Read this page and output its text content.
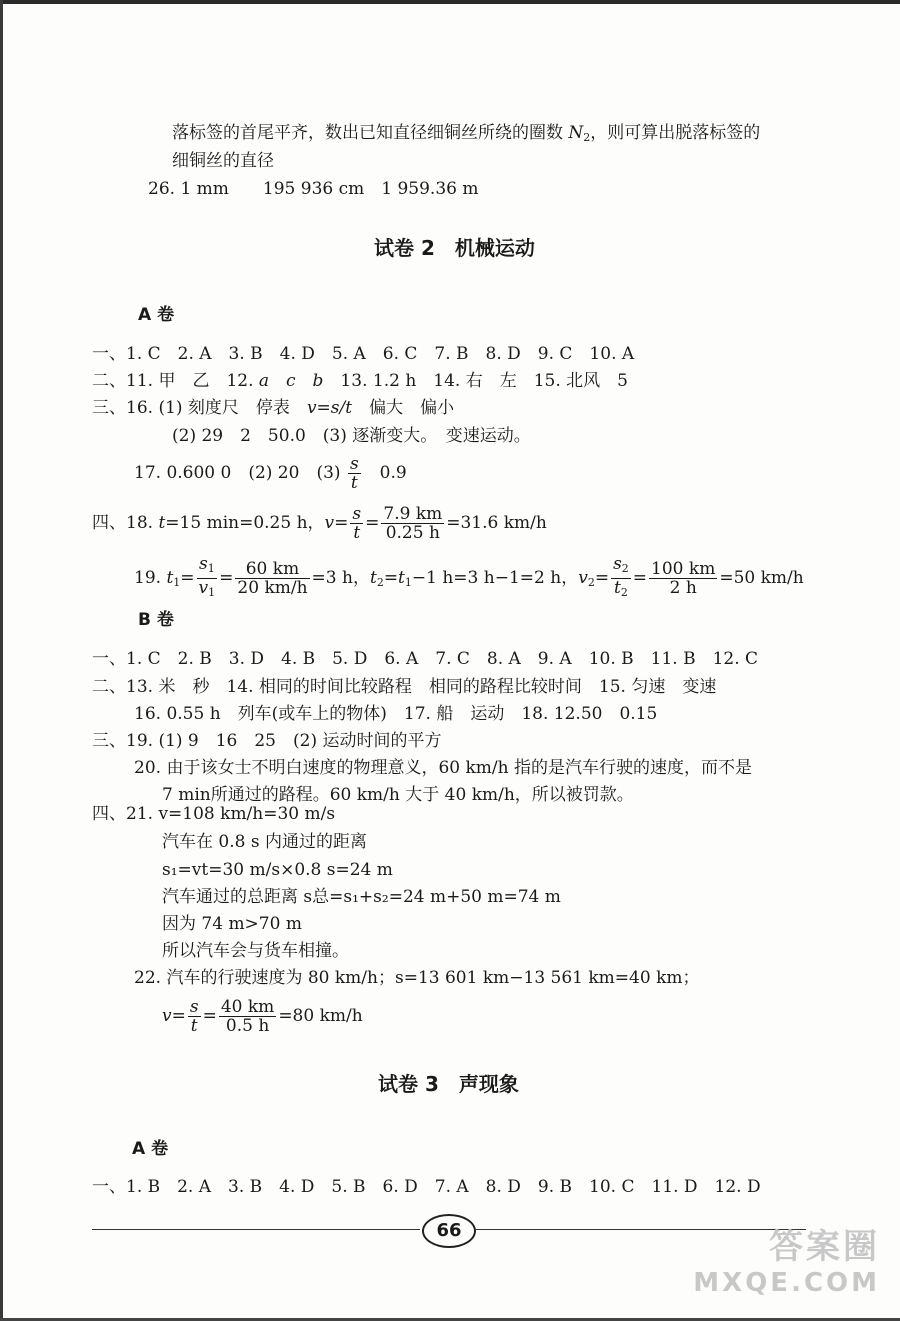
落标签的首尾平齐，数出已知直径细铜丝所绕的圈数 $N_2$，则可算出脱落标签的
细铜丝的直径
26. 1 mm　　195 936 cm　1 959.36 m
试卷 2　机械运动
A 卷
一、1. C　2. A　3. B　4. D　5. A　6. C　7. B　8. D　9. C　10. A
二、11. 甲　乙　12. a　c　b　13. 1.2 h　14. 右　左　15. 北风　5
三、16. (1) 刻度尺　停表　v=s/t　偏大　偏小
(2) 29　2　50.0　(3) 逐渐变大。　变速运动。
17. 0.600 0　(2) 20　$(3) \frac{s}{t}$ 　0.9
四、18. t=15 min=0.25 h，$v= \frac{s}{t} = \frac{7.9 km}{0.25 h} =31.6$ km/h
19. $t_1= \frac{s_1}{v_1} = \frac{60 km}{20 km/h} =3$ h，$t_2=t_1-1$ h=3 h−1=2 h，$v_2= \frac{s_2}{t_2} = \frac{100 km}{2 h} =50$ km/h
B 卷
一、1. C　2. B　3. D　4. B　5. D　6. A　7. C　8. A　9. A　10. B　11. B　12. C
二、13. 米　秒　14. 相同的时间比较路程　相同的路程比较时间　15. 匀速　变速
16. 0.55 h　列车(或车上的物体)　17. 船　运动　18. 12.50　0.15
三、19. (1) 9　16　25　(2) 运动时间的平方
20. 由于该女士不明白速度的物理意义，60 km/h 指的是汽车行驶的速度，而不是
7 min所通过的路程。60 km/h 大于 40 km/h，所以被罚款。
四、21. v=108 km/h=30 m/s
汽车在 0.8 s 内通过的距离
s₁=vt=30 m/s×0.8 s=24 m
汽车通过的总距离 s总=s₁+s₂=24 m+50 m=74 m
因为 74 m>70 m
所以汽车会与货车相撞。
22. 汽车的行驶速度为 80 km/h；s=13 601 km−13 561 km=40 km；
$v= \frac{s}{t} = \frac{40 km}{0.5 h} =80$ km/h
试卷 3　声现象
A 卷
一、1. B　2. A　3. B　4. D　5. B　6. D　7. A　8. D　9. B　10. C　11. D　12. D
66	答案圈
MXQE.COM
